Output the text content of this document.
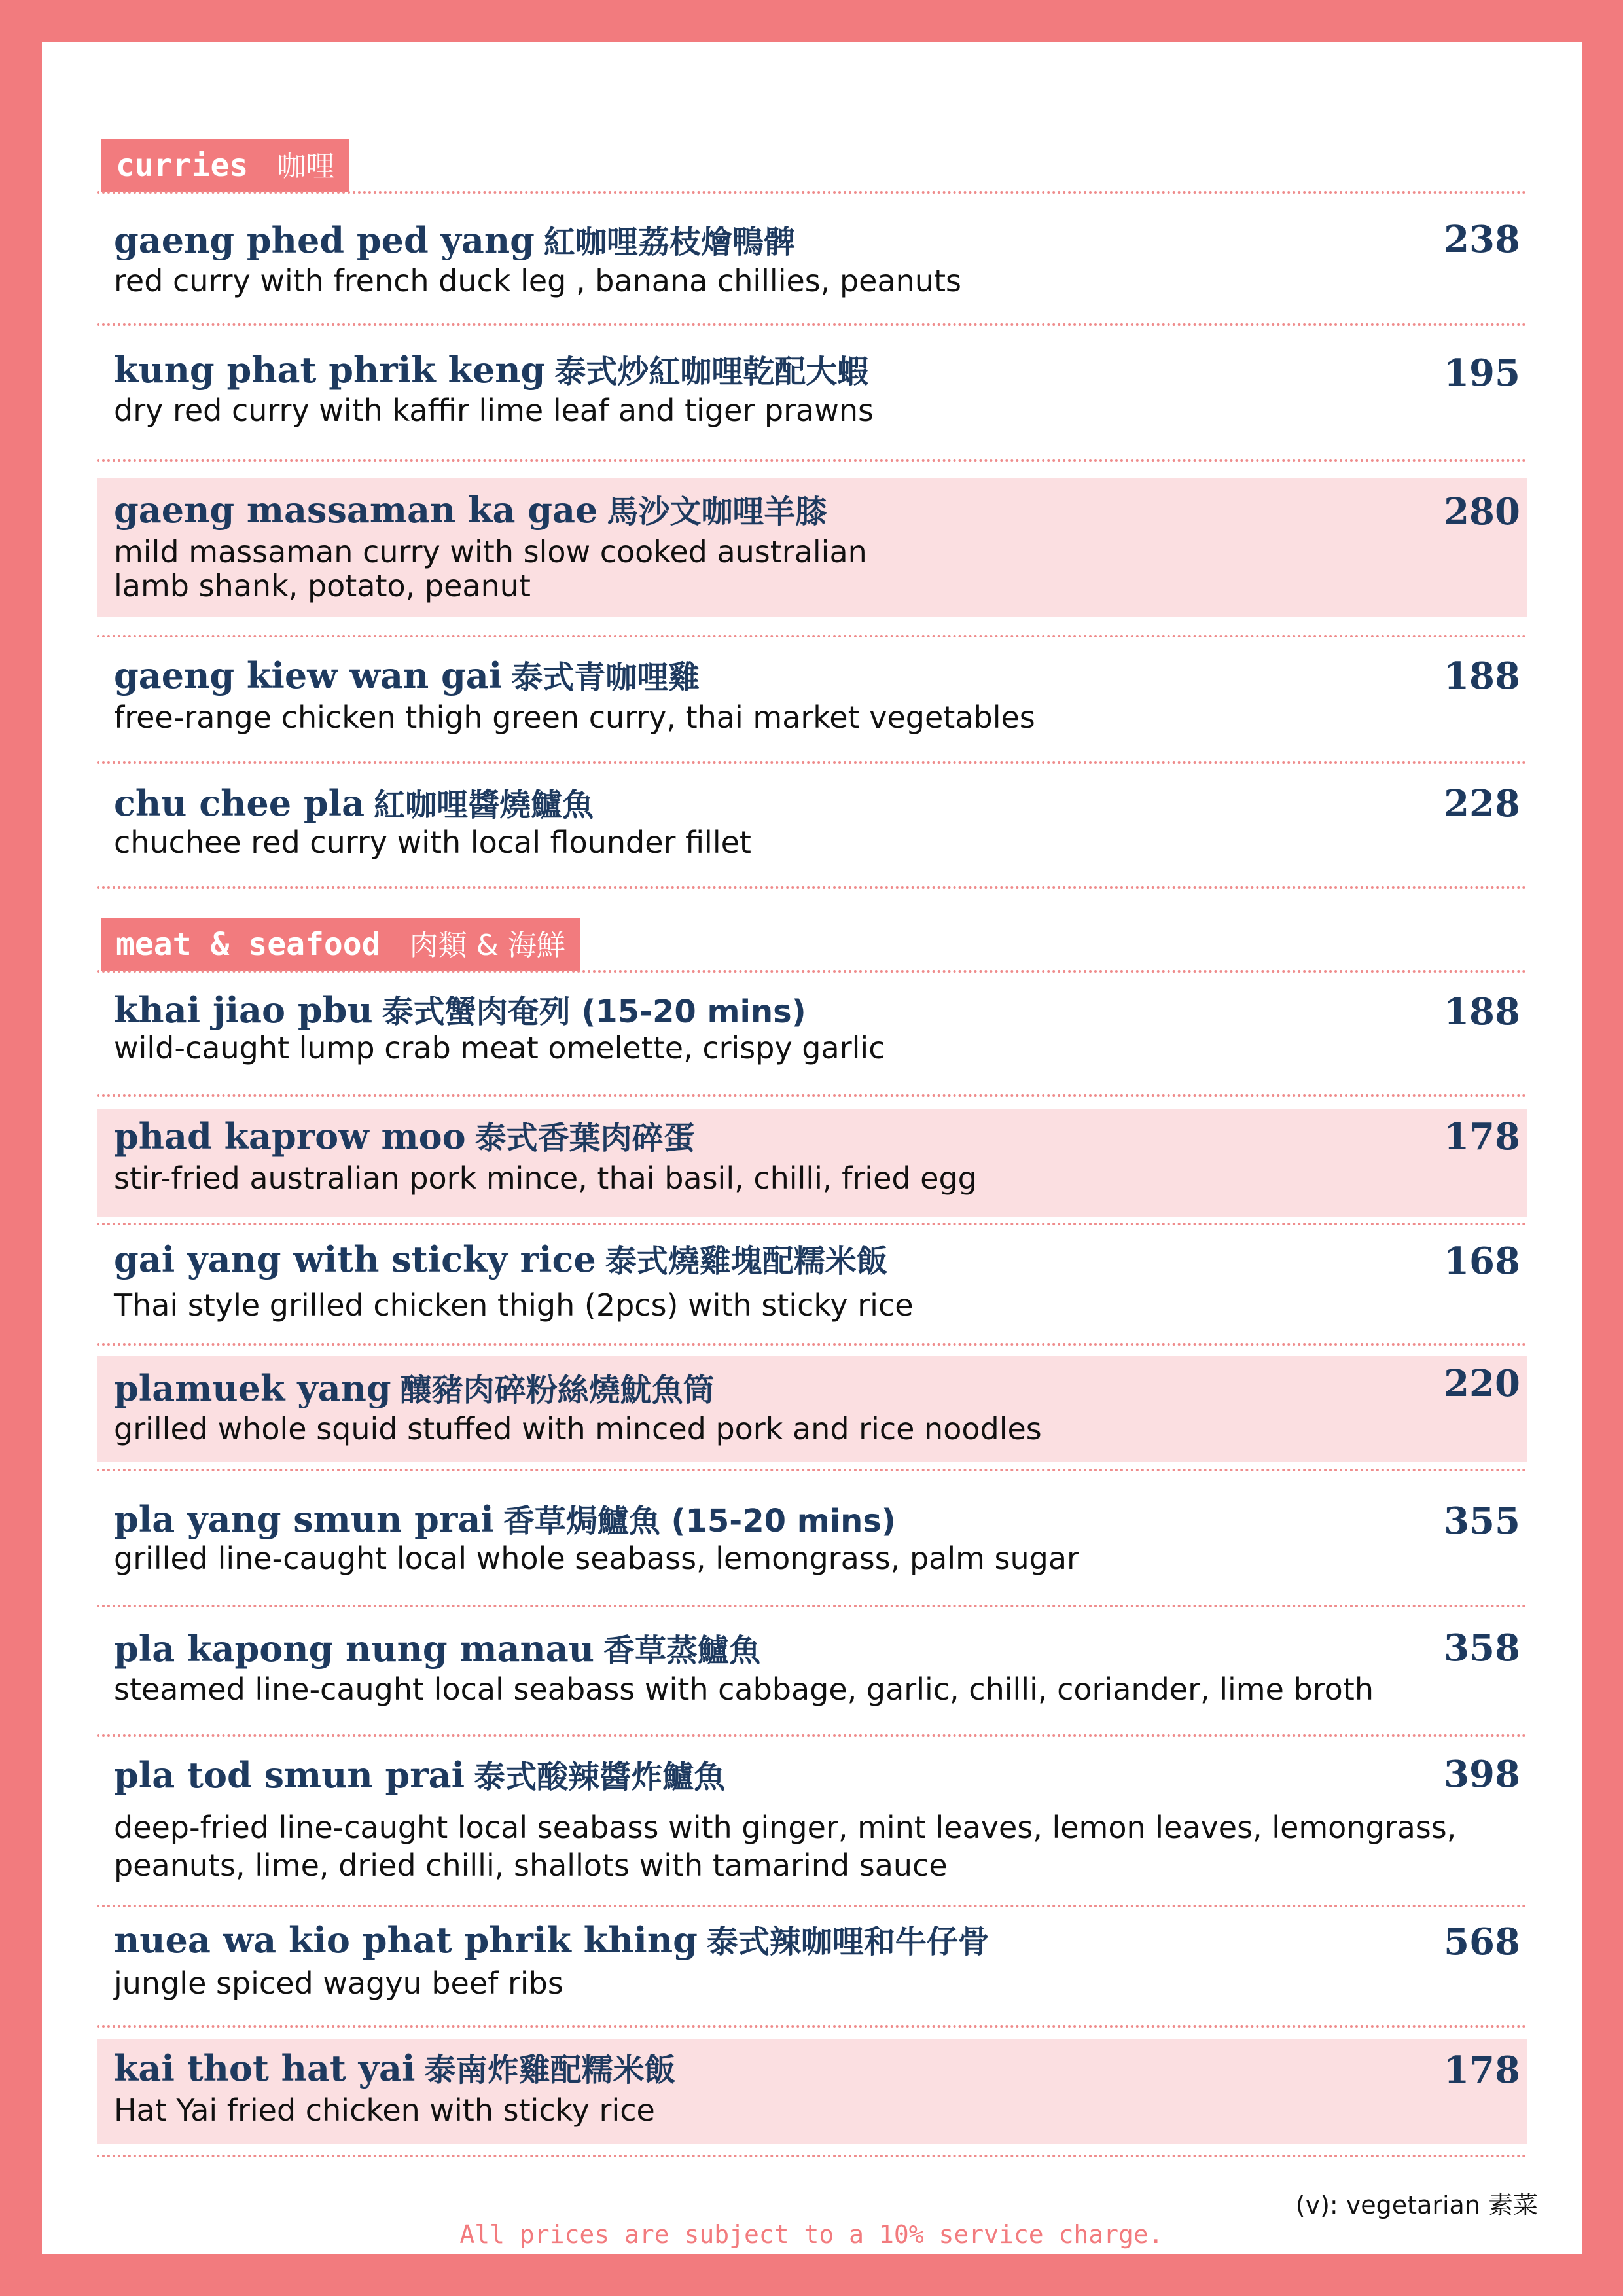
curries 咖哩
gaeng phed ped yang 紅咖哩荔枝燴鴨髀
red curry with french duck leg , banana chillies, peanuts
238
kung phat phrik keng 泰式炒紅咖哩乾配大蝦
dry red curry with kaffir lime leaf and tiger prawns
195
gaeng massaman ka gae 馬沙文咖哩羊膝
mild massaman curry with slow cooked australian
lamb shank, potato, peanut
280
gaeng kiew wan gai 泰式青咖哩雞
free-range chicken thigh green curry, thai market vegetables
188
chu chee pla 紅咖哩醬燒鱸魚
chuchee red curry with local flounder fillet
228
meat & seafood 肉類 & 海鮮
khai jiao pbu 泰式蟹肉奄列 (15-20 mins)
wild-caught lump crab meat omelette, crispy garlic
188
phad kaprow moo 泰式香葉肉碎蛋
stir-fried australian pork mince, thai basil, chilli, fried egg
178
gai yang with sticky rice 泰式燒雞塊配糯米飯
Thai style grilled chicken thigh (2pcs) with sticky rice
168
plamuek yang 釀豬肉碎粉絲燒魷魚筒
grilled whole squid stuffed with minced pork and rice noodles
220
pla yang smun prai 香草焗鱸魚 (15-20 mins)
grilled line-caught local whole seabass, lemongrass, palm sugar
355
pla kapong nung manau 香草蒸鱸魚
steamed line-caught local seabass with cabbage, garlic, chilli, coriander, lime broth
358
pla tod smun prai 泰式酸辣醬炸鱸魚
deep-fried line-caught local seabass with ginger, mint leaves, lemon leaves, lemongrass,
peanuts, lime, dried chilli, shallots with tamarind sauce
398
nuea wa kio phat phrik khing 泰式辣咖哩和牛仔骨
jungle spiced wagyu beef ribs
568
kai thot hat yai 泰南炸雞配糯米飯
Hat Yai fried chicken with sticky rice
178
(v): vegetarian 素菜
All prices are subject to a 10% service charge.
